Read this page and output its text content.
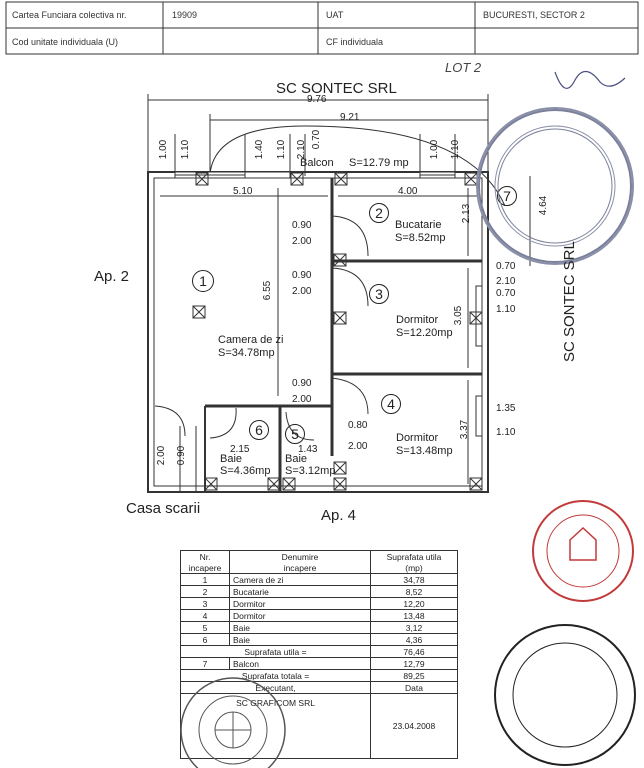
Cartea Funciara colectiva nr.	19909	UAT	BUCURESTI, SECTOR 2
Cod unitate individuala (U)	CF individuala
LOT 2
SC SONTEC SRL
9.76
9.21
1.00 1.10	1.40 1.10 2.10
0.70
1.00 1.10
Balcon S=12.79 mp
7
5.10	4.00
4.64
2
Bucatarie
S=8.52mp
2.13
0.90
2.00
Ap. 2	1	0.90
2.00	3
6.55
0.70
2.10
0.70
1.10	SC SONTEC SRL
Dormitor
S=12.20mp
3.05
Camera de zi
S=34.78mp
0.90
2.00	4	1.35
1.10
6	5
0.80
2.00
Dormitor
S=13.48mp
3.37
2.15	1.43
Baie
S=4.36mp
Baie
S=3.12mp
2.00 0.90
Casa scarii	Ap. 4
Nr.	Denumire	Suprafata utila
incapere	incapere	(mp)
1	Camera de zi	34,78
2	Bucatarie	8,52
3	Dormitor	12,20
4	Dormitor	13,48
5	Baie	3,12
6	Baie	4,36
Suprafata utila =		76,46
7	Balcon	12,79
Suprafata totala =		89,25
Executant,		Data
SC GRAFICOM SRL		23.04.2008
